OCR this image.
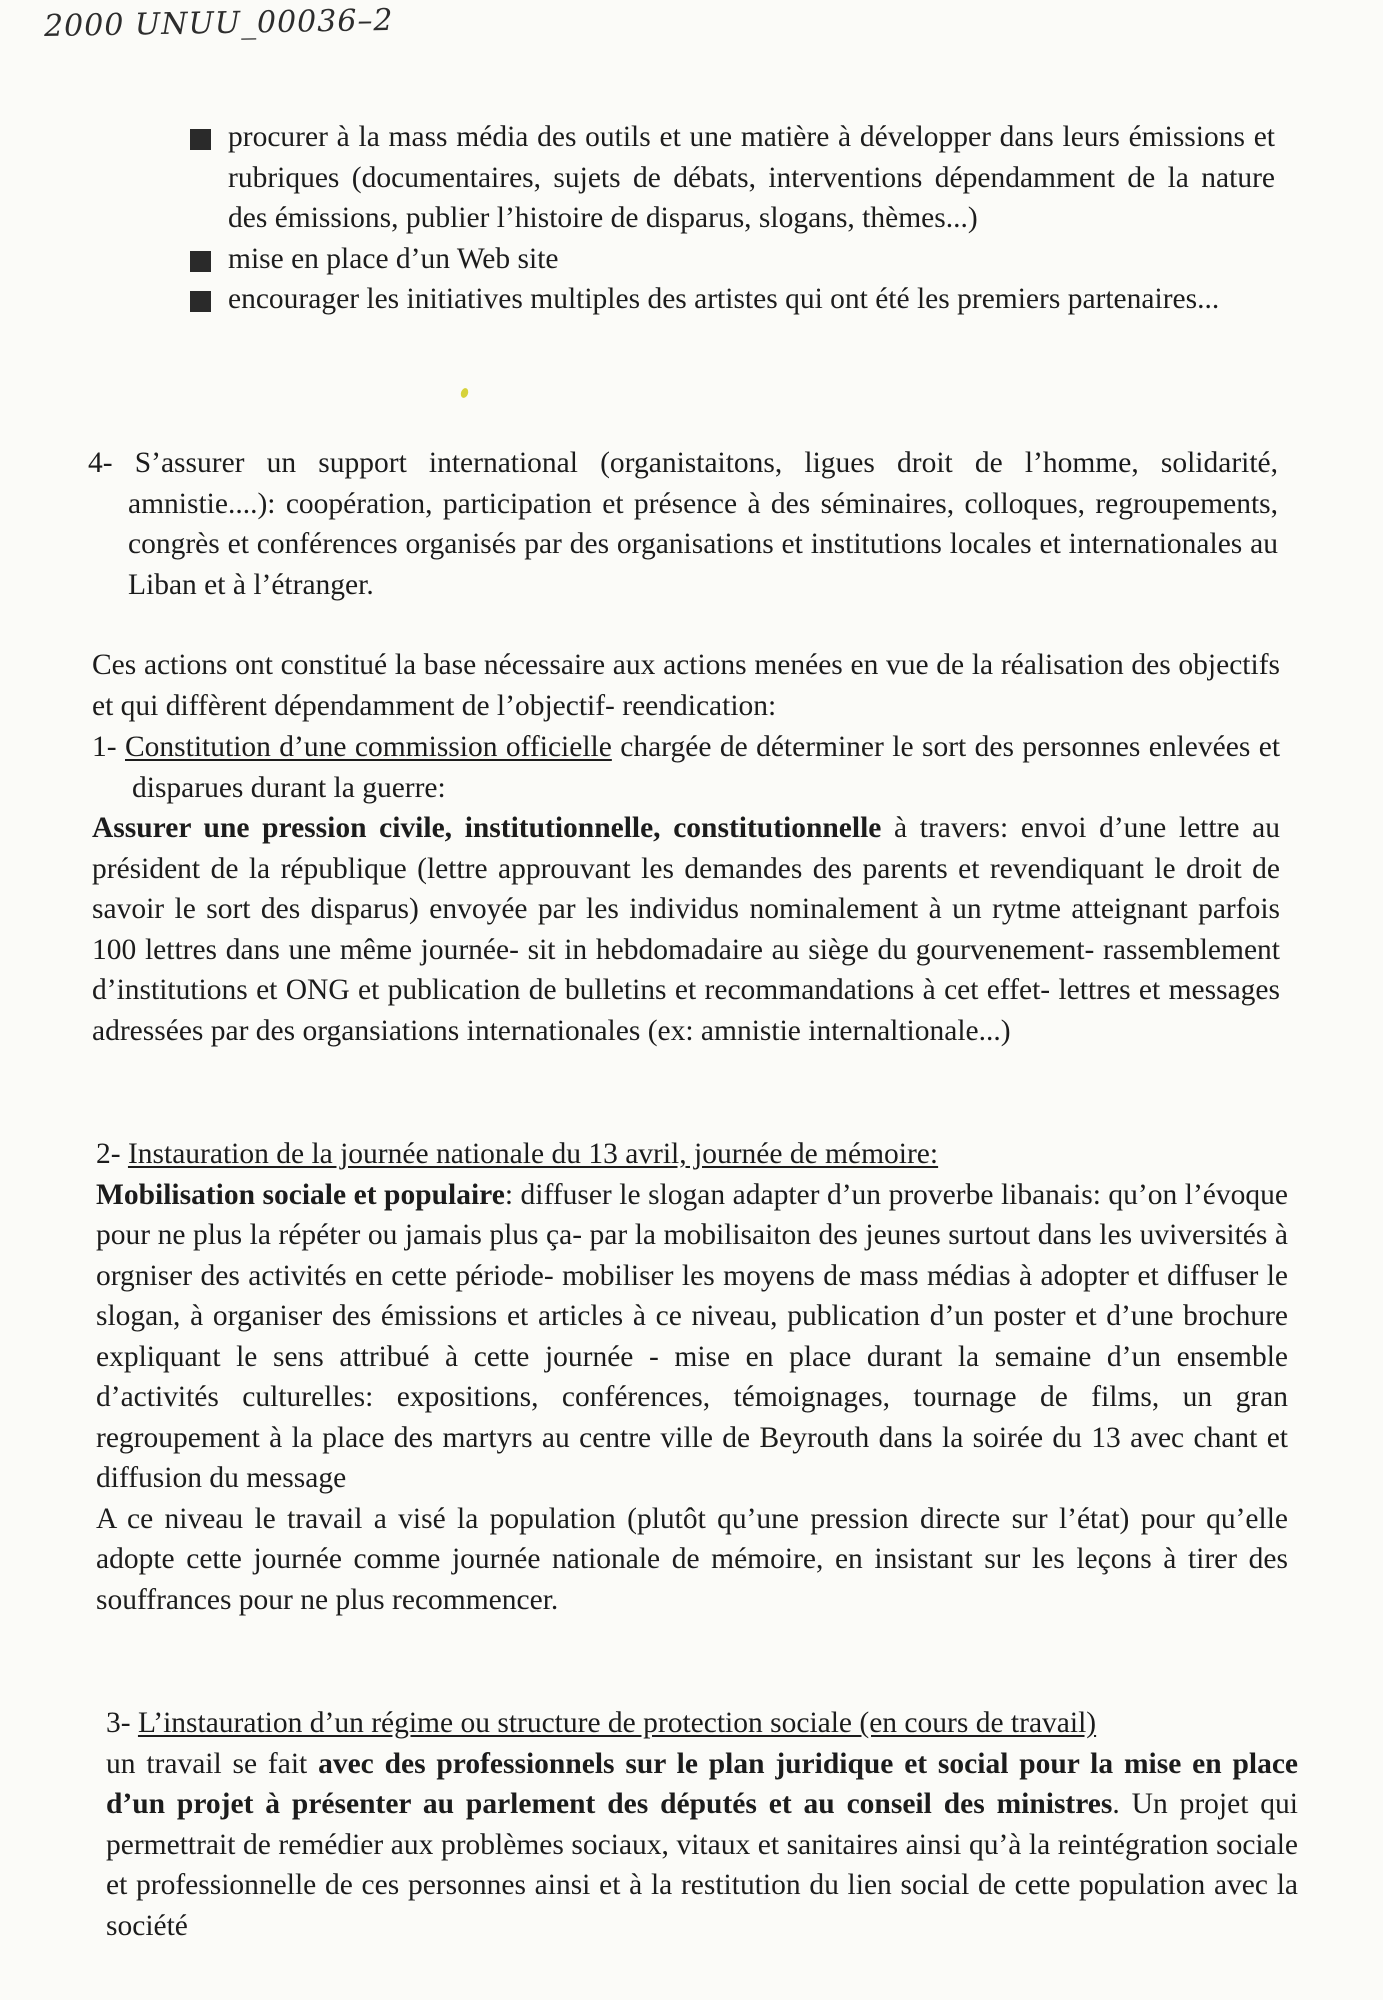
2000 UNUU_00036–2
procurer à la mass média des outils et une matière à développer dans leurs émissions et rubriques (documentaires, sujets de débats, interventions dépendamment de la nature des émissions, publier l’histoire de disparus, slogans, thèmes...)
mise en place d’un Web site
encourager les initiatives multiples des artistes qui ont été les premiers partenaires...

4- S’assurer un support international (organistaitons, ligues droit de l’homme, solidarité, amnistie....): coopération, participation et présence à des séminaires, colloques, regroupements, congrès et conférences organisés par des organisations et institutions locales et internationales au Liban et à l’étranger.

Ces actions ont constitué la base nécessaire aux actions menées en vue de la réalisation des objectifs et qui diffèrent dépendamment de l’objectif- reendication:

1- Constitution d’une commission officielle chargée de déterminer le sort des personnes enlevées et disparues durant la guerre:

Assurer une pression civile, institutionnelle, constitutionnelle à travers: envoi d’une lettre au président de la république (lettre approuvant les demandes des parents et revendiquant le droit de savoir le sort des disparus) envoyée par les individus nominalement à un rytme atteignant parfois 100 lettres dans une même journée- sit in hebdomadaire au siège du gourvenement- rassemblement d’institutions et ONG et publication de bulletins et recommandations à cet effet- lettres et messages adressées par des organsiations internationales (ex: amnistie internaltionale...)

2- Instauration de la journée nationale du 13 avril, journée de mémoire:

Mobilisation sociale et populaire: diffuser le slogan adapter d’un proverbe libanais: qu’on l’évoque pour ne plus la répéter ou jamais plus ça- par la mobilisaiton des jeunes surtout dans les uviversités à orgniser des activités en cette période- mobiliser les moyens de mass médias à adopter et diffuser le slogan, à organiser des émissions et articles à ce niveau, publication d’un poster et d’une brochure expliquant le sens attribué à cette journée - mise en place durant la semaine d’un ensemble d’activités culturelles: expositions, conférences, témoignages, tournage de films, un gran regroupement à la place des martyrs au centre ville de Beyrouth dans la soirée du 13 avec chant et diffusion du message

A ce niveau le travail a visé la population (plutôt qu’une pression directe sur l’état) pour qu’elle adopte cette journée comme journée nationale de mémoire, en insistant sur les leçons à tirer des souffrances pour ne plus recommencer.

3- L’instauration d’un régime ou structure de protection sociale (en cours de travail)

un travail se fait avec des professionnels sur le plan juridique et social pour la mise en place d’un projet à présenter au parlement des députés et au conseil des ministres. Un projet qui permettrait de remédier aux problèmes sociaux, vitaux et sanitaires ainsi qu’à la reintégration sociale et professionnelle de ces personnes ainsi et à la restitution du lien social de cette population avec la société
